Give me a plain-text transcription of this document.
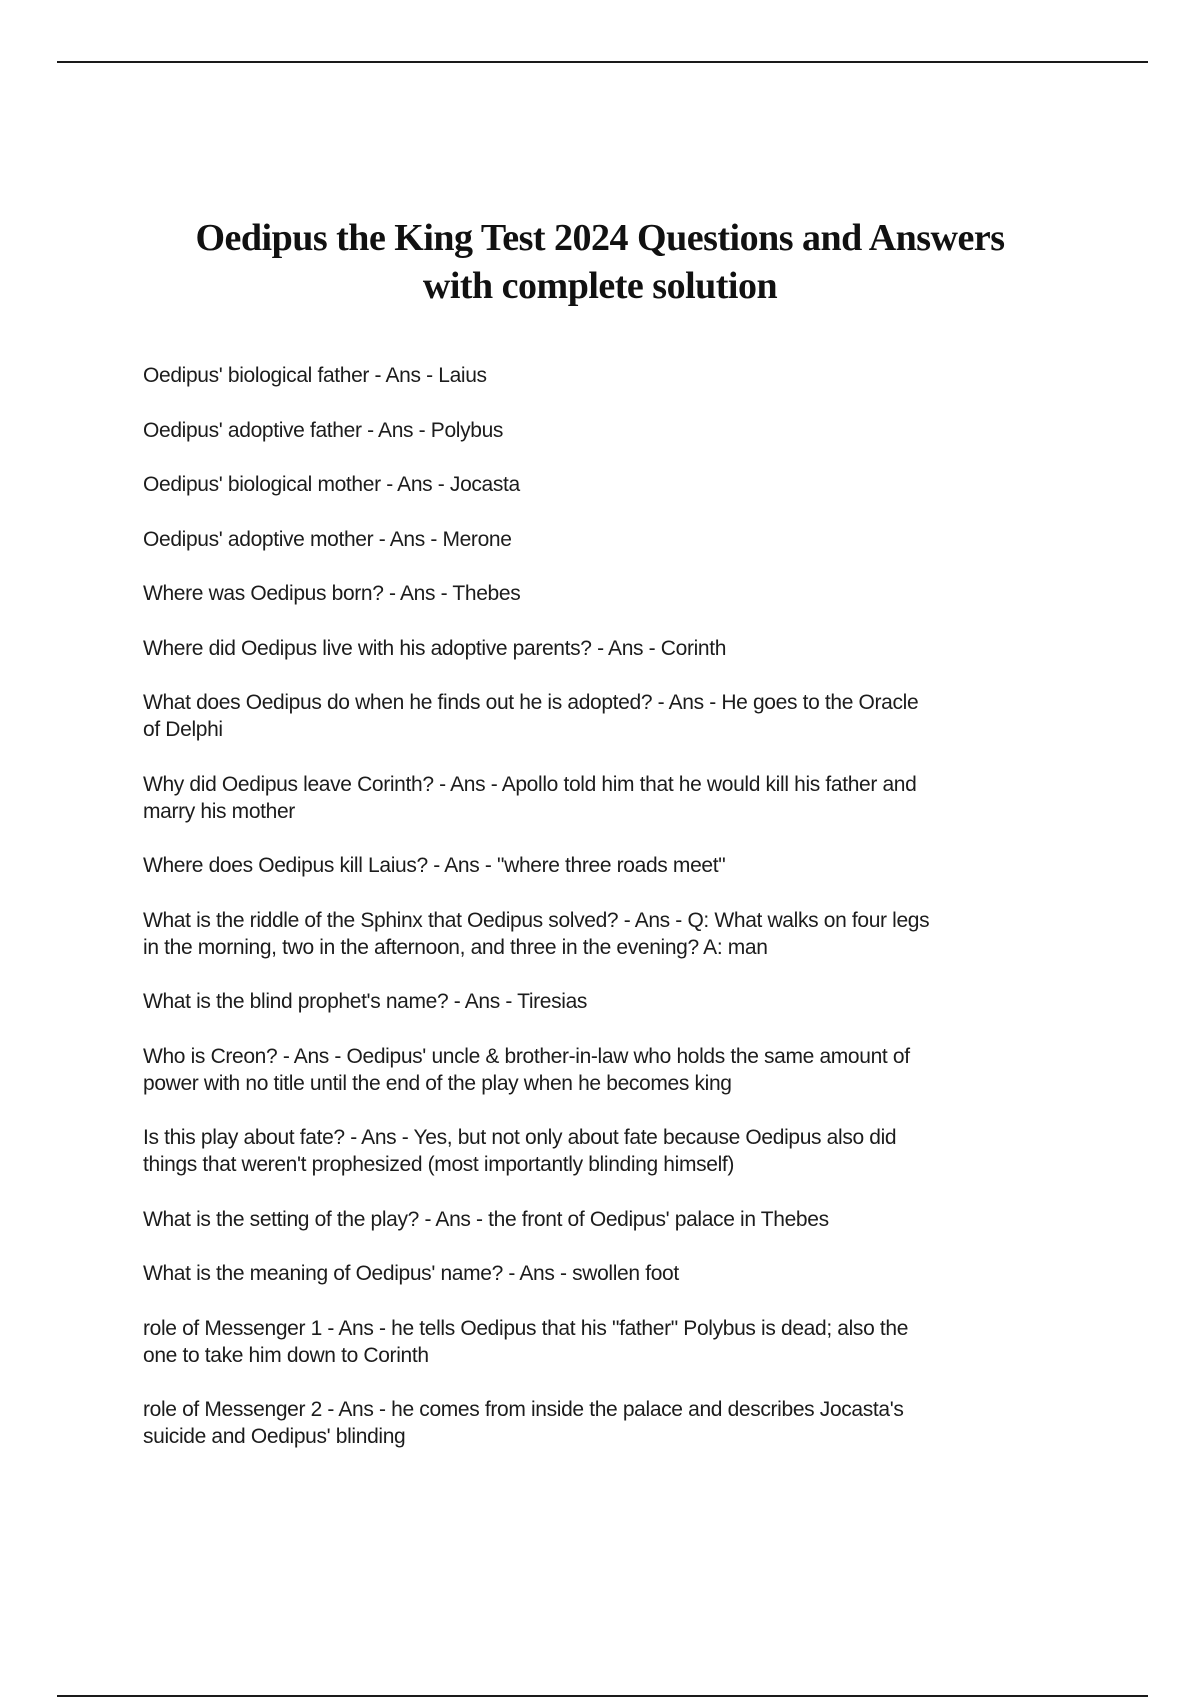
Oedipus the King Test 2024 Questions and Answers
with complete solution
Oedipus' biological father - Ans - Laius
Oedipus' adoptive father - Ans - Polybus
Oedipus' biological mother - Ans - Jocasta
Oedipus' adoptive mother - Ans - Merone
Where was Oedipus born? - Ans - Thebes
Where did Oedipus live with his adoptive parents? - Ans - Corinth
What does Oedipus do when he finds out he is adopted? - Ans - He goes to the Oracle
of Delphi
Why did Oedipus leave Corinth? - Ans - Apollo told him that he would kill his father and
marry his mother
Where does Oedipus kill Laius? - Ans - "where three roads meet"
What is the riddle of the Sphinx that Oedipus solved? - Ans - Q: What walks on four legs
in the morning, two in the afternoon, and three in the evening? A: man
What is the blind prophet's name? - Ans - Tiresias
Who is Creon? - Ans - Oedipus' uncle & brother-in-law who holds the same amount of
power with no title until the end of the play when he becomes king
Is this play about fate? - Ans - Yes, but not only about fate because Oedipus also did
things that weren't prophesized (most importantly blinding himself)
What is the setting of the play? - Ans - the front of Oedipus' palace in Thebes
What is the meaning of Oedipus' name? - Ans - swollen foot
role of Messenger 1 - Ans - he tells Oedipus that his "father" Polybus is dead; also the
one to take him down to Corinth
role of Messenger 2 - Ans - he comes from inside the palace and describes Jocasta's
suicide and Oedipus' blinding
